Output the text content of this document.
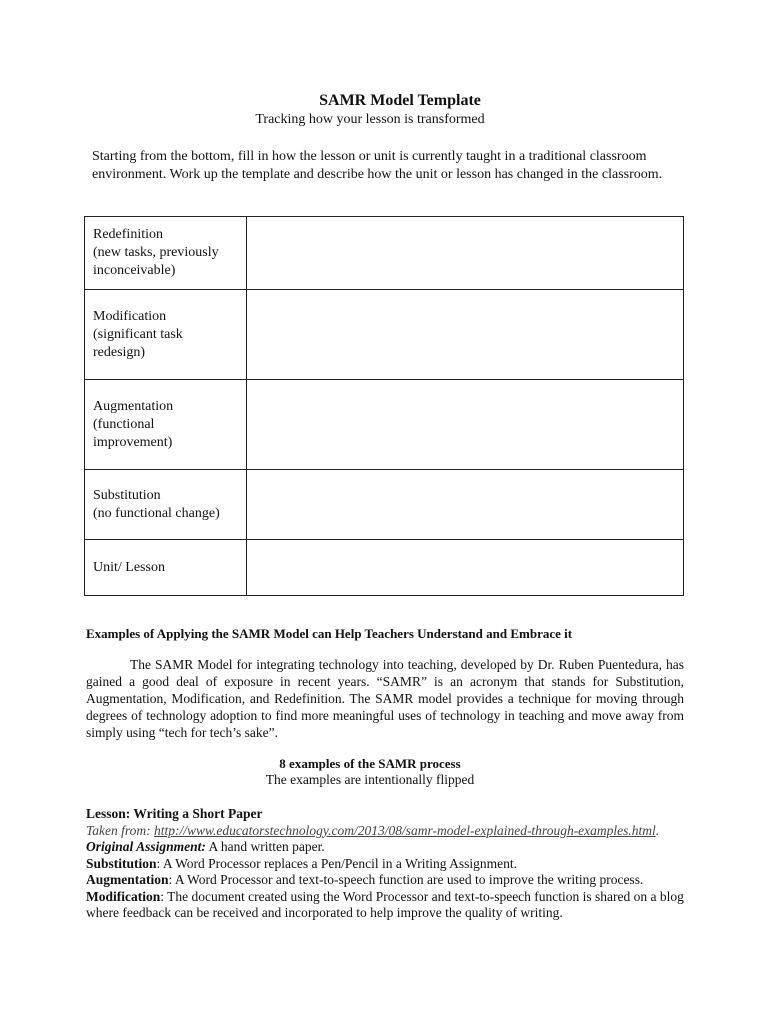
SAMR Model Template
Tracking how your lesson is transformed
Starting from the bottom, fill in how the lesson or unit is currently taught in a traditional classroom environment. Work up the template and describe how the unit or lesson has changed in the classroom.
Redefinition
(new tasks, previously
inconceivable)	

Modification
(significant task
redesign)	

Augmentation
(functional
improvement)	

Substitution
(no functional change)	

Unit/ Lesson	

Examples of Applying the SAMR Model can Help Teachers Understand and Embrace it
The SAMR Model for integrating technology into teaching, developed by Dr. Ruben Puentedura, has gained a good deal of exposure in recent years. “SAMR” is an acronym that stands for Substitution, Augmentation, Modification, and Redefinition. The SAMR model provides a technique for moving through degrees of technology adoption to find more meaningful uses of technology in teaching and move away from simply using “tech for tech’s sake”.
8 examples of the SAMR process
The examples are intentionally flipped
Lesson: Writing a Short Paper
Taken from: http://www.educatorstechnology.com/2013/08/samr-model-explained-through-examples.html.
Original Assignment: A hand written paper.
Substitution: A Word Processor replaces a Pen/Pencil in a Writing Assignment.
Augmentation: A Word Processor and text-to-speech function are used to improve the writing process.
Modification: The document created using the Word Processor and text-to-speech function is shared on a blog where feedback can be received and incorporated to help improve the quality of writing.
